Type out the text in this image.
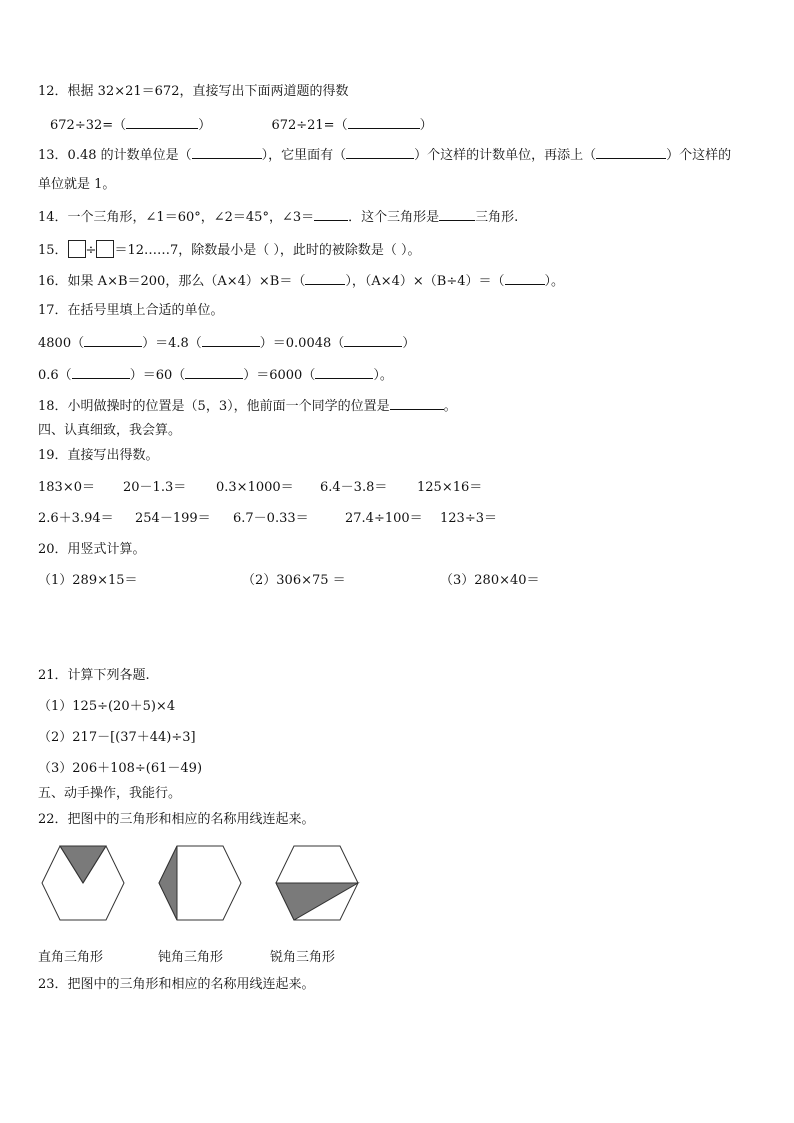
12．根据 32×21＝672，直接写出下面两道题的得数
672÷32=（	）	672÷21=（	）
13．0.48 的计数单位是（	），它里面有（	）个这样的计数单位，再添上（	）个这样的
单位就是 1。
14．一个三角形，∠1＝60°，∠2＝45°，∠3＝	．这个三角形是	三角形.
15． ÷ ＝12……7，除数最小是（ ），此时的被除数是（ ）。
16．如果 A×B＝200，那么（A×4）×B＝（	），（A×4）×（B÷4）＝（	）。
17．在括号里填上合适的单位。
4800（	）＝4.8（	）＝0.0048（	）
0.6（	）＝60（	）＝6000（	）。
18．小明做操时的位置是（5，3），他前面一个同学的位置是	。
四、认真细致，我会算。
19．直接写出得数。
183×0＝ 20－1.3＝ 0.3×1000＝ 6.4－3.8＝ 125×16＝
2.6＋3.94＝ 254－199＝ 6.7－0.33＝	27.4÷100＝ 123÷3＝
20．用竖式计算。
（1）289×15＝	（2）306×75 ＝	（3）280×40＝
21．计算下列各题.
（1）125÷(20＋5)×4
（2）217－[(37＋44)÷3]
（3）206＋108÷(61－49)
五、动手操作，我能行。
22．把图中的三角形和相应的名称用线连起来。
直角三角形	钝角三角形	锐角三角形
23．把图中的三角形和相应的名称用线连起来。
